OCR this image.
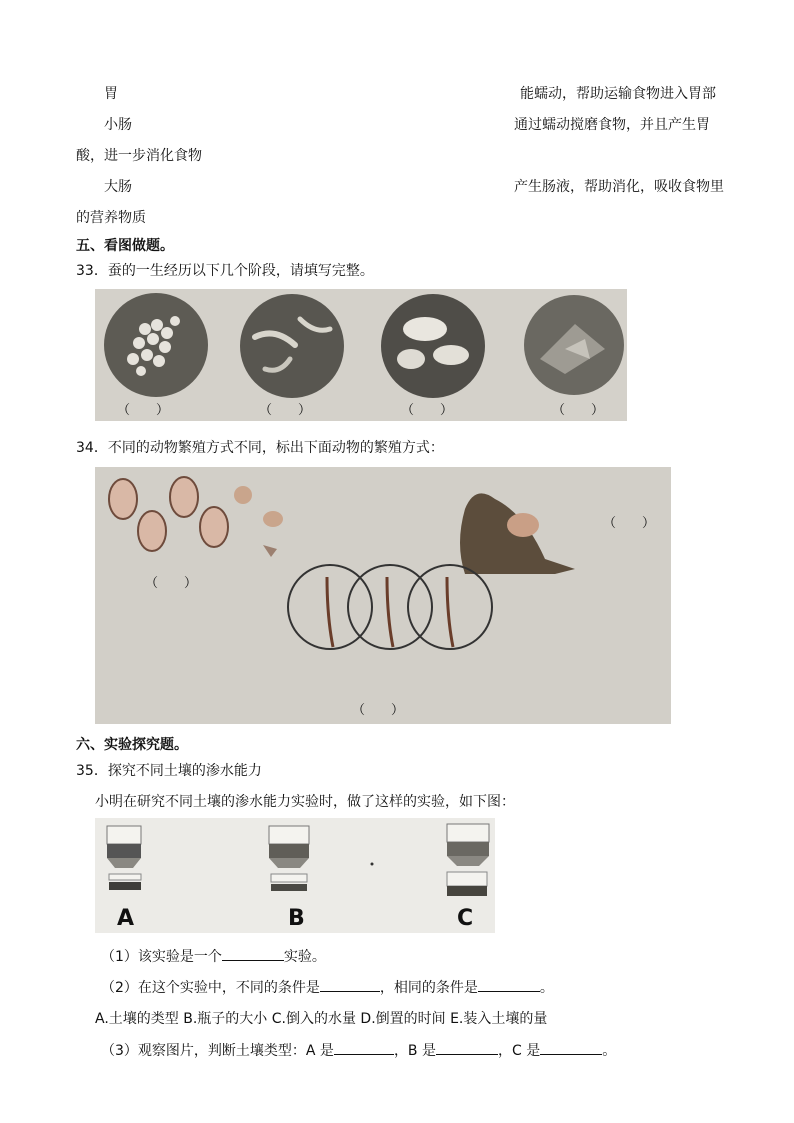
胃	能蠕动，帮助运输食物进入胃部
小肠	通过蠕动搅磨食物，并且产生胃
酸，进一步消化食物
大肠	产生肠液，帮助消化，吸收食物里
的营养物质
五、看图做题。
33．蚕的一生经历以下几个阶段，请填写完整。
（　　）	（　　）	（　　）	（　　）
34．不同的动物繁殖方式不同，标出下面动物的繁殖方式：
（　　）
（　　）
（　　）
六、实验探究题。
35．探究不同土壤的渗水能力
小明在研究不同土壤的渗水能力实验时，做了这样的实验，如下图：
A	B	C
（1）该实验是一个	实验。
（2）在这个实验中，不同的条件是	，相同的条件是	。
A.土壤的类型 B.瓶子的大小 C.倒入的水量 D.倒置的时间 E.装入土壤的量
（3）观察图片，判断土壤类型：A 是	，B 是	，C 是	。
